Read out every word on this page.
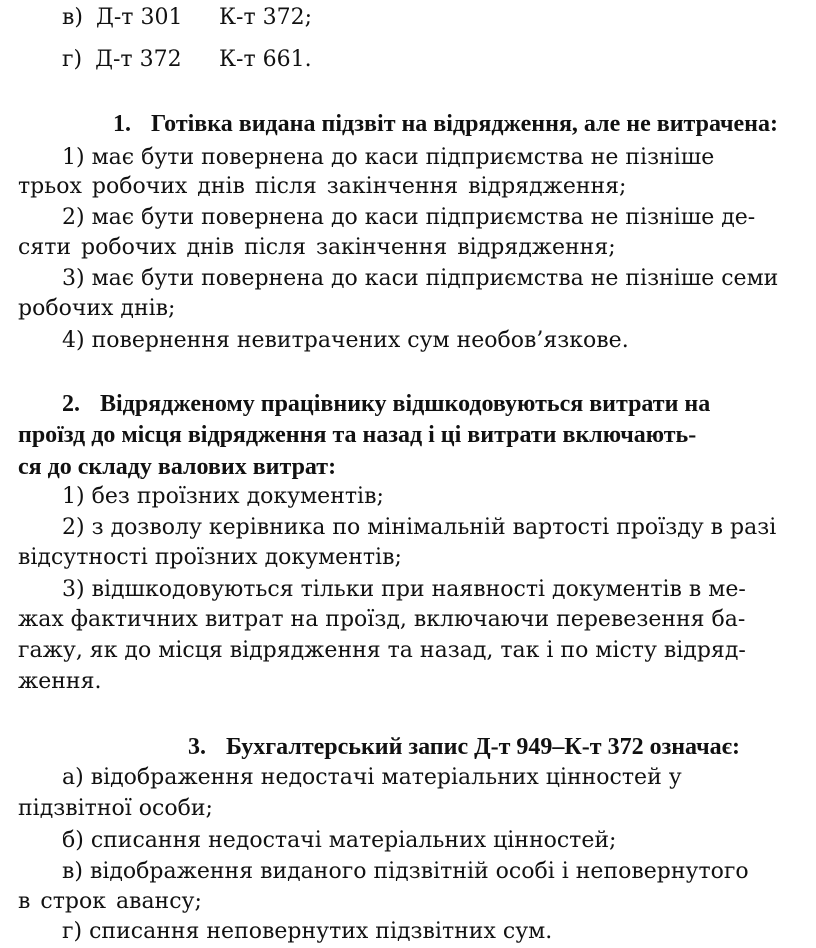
в) Д-т 301 К-т 372;
г) Д-т 372 К-т 661.
1. Готівка видана підзвіт на відрядження, але не витрачена:
1) має бути повернена до каси підприємства не пізніше
трьох робочих днів після закінчення відрядження;
2) має бути повернена до каси підприємства не пізніше де-
сяти робочих днів після закінчення відрядження;
3) має бути повернена до каси підприємства не пізніше семи
робочих днів;
4) повернення невитрачених сум необов’язкове.
2. Відрядженому працівнику відшкодовуються витрати на
проїзд до місця відрядження та назад і ці витрати включають-
ся до складу валових витрат:
1) без проїзних документів;
2) з дозволу керівника по мінімальній вартості проїзду в разі
відсутності проїзних документів;
3) відшкодовуються тільки при наявності документів в ме-
жах фактичних витрат на проїзд, включаючи перевезення ба-
гажу, як до місця відрядження та назад, так і по місту відряд-
ження.
3. Бухгалтерський запис Д-т 949–К-т 372 означає:
а) відображення недостачі матеріальних цінностей у
підзвітної особи;
б) списання недостачі матеріальних цінностей;
в) відображення виданого підзвітній особі і неповернутого
в строк авансу;
г) списання неповернутих підзвітних сум.
